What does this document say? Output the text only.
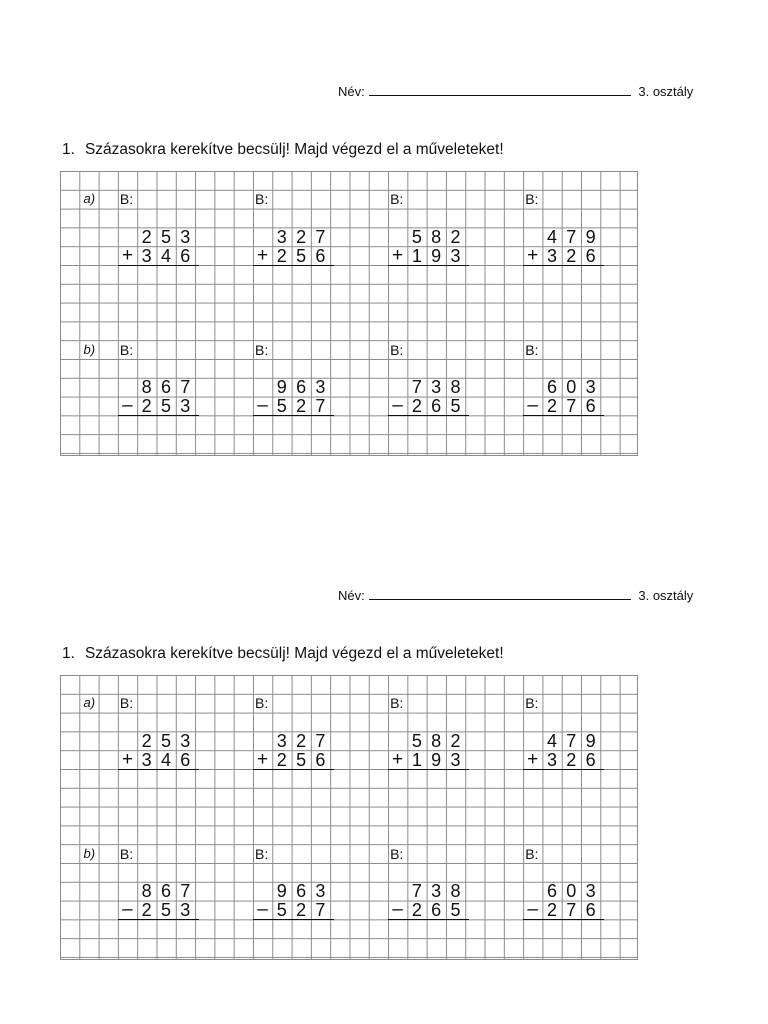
Név:	3. osztály
1. Százasokra kerekítve becsülj! Majd végezd el a műveleteket!
a)	B:
2 5 3
+ 3 4 6
B:
3 2 7
+ 2 5 6
B:
5 8 2
+ 1 9 3
B:
4 7 9
+ 3 2 6
b)	B:
8 6 7
– 2 5 3
B:
9 6 3
– 5 2 7
B:
7 3 8
– 2 6 5
B:
6 0 3
– 2 7 6
Név:	3. osztály
1. Százasokra kerekítve becsülj! Majd végezd el a műveleteket!
a)	B:
2 5 3
+ 3 4 6
B:
3 2 7
+ 2 5 6
B:
5 8 2
+ 1 9 3
B:
4 7 9
+ 3 2 6
b)	B:
8 6 7
– 2 5 3
B:
9 6 3
– 5 2 7
B:
7 3 8
– 2 6 5
B:
6 0 3
– 2 7 6
